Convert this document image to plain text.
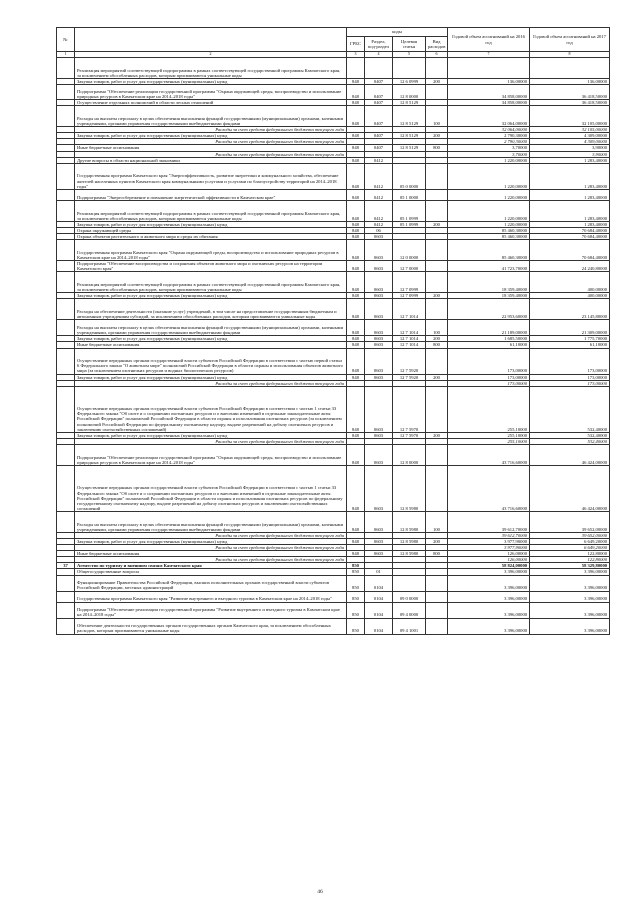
№		коды				Годовой объем ассигнований на 2016 год	Годовой объем ассигнований на 2017 год
		ГРБС	Раздел, под-раздел	Целевая статья	Вид расходов		
1	2	3	4	5	6	7	8
	Реализация мероприятий соответствующей подпрограммы в рамках соответствующей государственной программы Камчатского края, за исключением обособленных расходов, которым присваиваются уникальные коды						
	Закупка товаров, работ и услуг для государственных (муниципальных) нужд	848	0407	12 6 0999	200	136,00000	136,00000
	Подпрограмма "Обеспечение реализации государственной программы "Охрана окружающей среды, воспроизводство и использование природных ресурсов в Камчатском крае на 2014–2018 годы"	848	0407	12 8 0000		34 858,00000	36 418,50000
	Осуществление отдельных полномочий в области лесных отношений	848	0407	12 8 5129		34 858,00000	36 418,50000
	Расходы на выплаты персоналу в целях обеспечения выполнения функций государственными (муниципальными) органами, казенными учреждениями, органами управления государственными внебюджетными фондами	848	0407	12 8 5129	100	32 064,00000	32 105,00000
	Расходы за счет средств федерального бюджета текущего года					32 064,00000	32 105,00000
	Закупка товаров, работ и услуг для государственных (муниципальных) нужд	848	0407	12 8 5129	200	2 790,30000	4 309,00000
	Расходы за счет средств федерального бюджета текущего года					2 790,30000	4 309,00000
	Иные бюджетные ассигнования	848	0407	12 8 5129	800	3,70000	3,90000
	Расходы за счет средств федерального бюджета текущего года					3,70000	3,90000
	Другие вопросы в области национальной экономики	848	0412			1 220,00000	1 283,40000
	Государственная программа Камчатского края "Энергоэффективность, развитие энергетики и коммунального хозяйства, обеспечение жителей населенных пунктов Камчатского края коммунальными услугами и услугами по благоустройству территорий на 2014–2018 годы"	848	0412	05 0 0000		1 220,00000	1 283,40000
	Подпрограмма "Энергосбережение и повышение энергетической эффективности в Камчатском крае"	848	0412	05 1 0000		1 220,00000	1 283,40000
	Реализация мероприятий соответствующей подпрограммы в рамках соответствующей государственной программы Камчатского края, за исключением обособленных расходов, которым присваиваются уникальные коды	848	0412	05 1 0999		1 220,00000	1 283,40000
	Закупка товаров, работ и услуг для государственных (муниципальных) нужд	848	0412	05 1 0999	200	1 220,00000	1 283,40000
	Охрана окружающей среды	848	06			85 460,30000	70 684,40000
	Охрана объектов растительного и животного мира и среды их обитания	848	0603			85 460,30000	70 684,40000
	Государственная программа Камчатского края "Охрана окружающей среды, воспроизводство и использование природных ресурсов в Камчатском крае на 2014–2018 годы"	848	0603	12 0 0000		85 460,30000	70 684,40000
	Подпрограмма "Обеспечение воспроизводства и сохранения объектов животного мира и охотничьих ресурсов на территории Камчатского края"	848	0603	12 7 0000		41 723,70000	24 240,80000
	Реализация мероприятий соответствующей подпрограммы в рамках соответствующей государственной программы Камчатского края, за исключением обособленных расходов, которым присваиваются уникальные коды	848	0603	12 7 0999		18 359,40000	400,00000
	Закупка товаров, работ и услуг для государственных (муниципальных) нужд	848	0603	12 7 0999	200	18 359,40000	400,00000
	Расходы на обеспечение деятельности (оказание услуг) учреждений, в том числе на предоставление государственным бюджетным и автономным учреждениям субсидий, за исключением обособленных расходов, которым присваиваются уникальные коды	848	0603	12 7 1014		22 953,60000	23 145,80000
	Расходы на выплаты персоналу в целях обеспечения выполнения функций государственными (муниципальными) органами, казенными учреждениями, органами управления государственными внебюджетными фондами	848	0603	12 7 1014	100	21 189,00000	21 309,00000
	Закупка товаров, работ и услуг для государственных (муниципальных) нужд	848	0603	12 7 1014	200	1 685,50000	1 775,70000
	Иные бюджетные ассигнования	848	0603	12 7 1014	800	61,10000	61,10000
	Осуществление переданных органам государственной власти субъектов Российской Федерации в соответствии с частью первой статьи 6 Федерального закона "О животном мире" полномочий Российской Федерации в области охраны и использования объектов животного мира (за исключением охотничьих ресурсов и водных биологических ресурсов)	848	0603	12 7 5920		173,00000	173,00000
	Закупка товаров, работ и услуг для государственных (муниципальных) нужд	848	0603	12 7 5920	200	173,00000	173,00000
	Расходы за счет средств федерального бюджета текущего года					173,00000	173,00000
	Осуществление переданных органам государственной власти субъектов Российской Федерации в соответствии с частью 1 статьи 33 Федерального закона "Об охоте и о сохранении охотничьих ресурсов и о внесении изменений в отдельные законодательные акты Российской Федерации" полномочий Российской Федерации в области охраны и использования охотничьих ресурсов (за исключением полномочий Российской Федерации по федеральному охотничьему надзору, выдаче разрешений на добычу охотничьих ресурсов и заключению охотхозяйственных соглашений)	848	0603	12 7 5970		255,10000	532,40000
	Закупка товаров, работ и услуг для государственных (муниципальных) нужд	848	0603	12 7 5970	200	255,10000	532,40000
	Расходы за счет средств федерального бюджета текущего года					255,10000	532,40000
	Подпрограмма "Обеспечение реализации государственной программы "Охрана окружающей среды, воспроизводство и использование природных ресурсов в Камчатском крае на 2014–2018 годы"	848	0603	12 8 0000		43 716,60000	46 424,00000
	Осуществление переданных органам государственной власти субъектов Российской Федерации в соответствии с частью 1 статьи 33 Федерального закона "Об охоте и о сохранении охотничьих ресурсов и о внесении изменений в отдельные законодательные акты Российской Федерации" полномочий Российской Федерации в области охраны и использования охотничьих ресурсов по федеральному государственному охотничьему надзору, выдаче разрешений на добычу охотничьих ресурсов и заключению охотхозяйственных соглашений	848	0603	12 8 5980		43 716,60000	46 424,00000
	Расходы на выплаты персоналу в целях обеспечения выполнения функций государственными (муниципальными) органами, казенными учреждениями, органами управления государственными внебюджетными фондами	848	0603	12 8 5980	100	39 612,70000	39 652,00000
	Расходы за счет средств федерального бюджета текущего года					39 612,70000	39 652,00000
	Закупка товаров, работ и услуг для государственных (муниципальных) нужд	848	0603	12 8 5980	200	3 977,90000	6 649,20000
	Расходы за счет средств федерального бюджета текущего года					3 977,90000	6 649,20000
	Иные бюджетные ассигнования	848	0603	12 8 5980	800	126,00000	122,80000
	Расходы за счет средств федерального бюджета текущего года					126,00000	122,80000
37	Агентство по туризму и внешним связям Камчатского края	850				58 824,00000	58 329,80000
	Общегосударственные вопросы	850	01			3 396,00000	3 396,00000
	Функционирование Правительства Российской Федерации, высших исполнительных органов государственной власти субъектов Российской Федерации, местных администраций	850	0104			3 396,00000	3 396,00000
	Государственная программа Камчатского края "Развитие внутреннего и въездного туризма в Камчатском крае на 2014–2018 годы"	850	0104	09 0 0000		3 396,00000	3 396,00000
	Подпрограмма "Обеспечение реализации государственной программы "Развитие внутреннего и въездного туризма в Камчатском крае на 2014–2018 годы"	850	0104	09 4 0000		3 396,00000	3 396,00000
	Обеспечение деятельности государственных органов государственных органов Камчатского края, за исключением обособленных расходов, которым присваиваются уникальные коды	850	0104	09 4 1001		3 396,00000	3 396,00000
46
